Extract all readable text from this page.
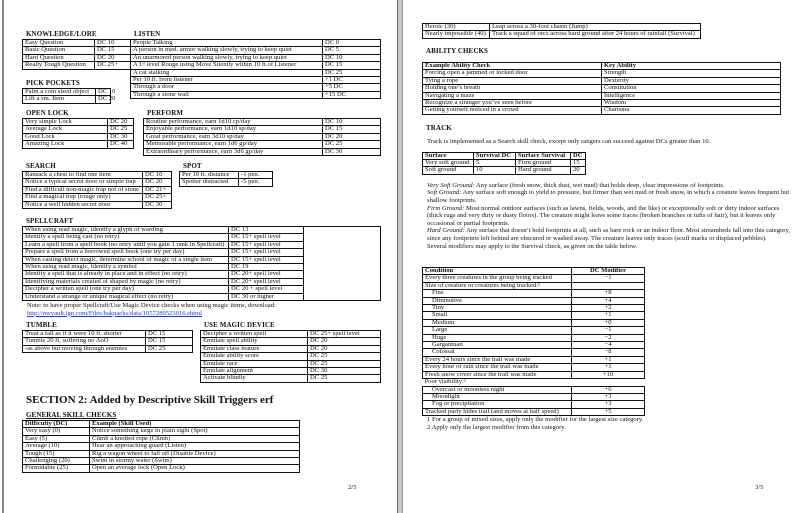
KNOWLEDGE/LORE
Easy Question	DC 10
Basic Question	DC 15
Hard Question	DC 20
Really Tough Question	DC 25+
LISTEN
People Talking	DC 0
A person in med. armor walking slowly, trying to keep quiet	DC 5
An unarmored person walking slowly, trying to keep quiet	DC 10
A 1ˢᵗ level Rouge using Move Silently within 10 ft.of Listener	DC 15
A cat stalking	DC 25
Per 10 ft. from listener	+1 DC
Through a door	+5 DC
Through a stone wall	+15 DC
PICK POCKETS
Palm a coin sized object	DC 10
Lift a sm. Item	DC 20
OPEN LOCK
Very simple Lock	DC 20
Average Lock	DC 25
Good Lock	DC 30
Amazing Lock	DC 40
PERFORM
Routine performance, earn 1d10 cp/day	DC 10
Enjoyable performance, earn 1d10 sp/day	DC 15
Great performance, earn 3d10 sp/day	DC 20
Memorable performance, earn 1d6 gp/day	DC 25
Extraordinary performance, earn 3d6 gp/day	DC 30
SEARCH
Ransack a chest to find one item	DC 10
Notice a typical secret door or simple trap	DC 20
Find a difficult non-magic trap not of stone	DC 21+
Find a magical trap (rouge only)	DC 25+
Notice a well hidden secret door	DC 30
SPOT
Per 10 ft. distance	-1 pen.
Spotter distracted	-5 pen.
SPELLCRAFT
When using read magic, identify a glyph of warding	DC 13	
Identify a spell being cast (no retry)	DC 15+ spell level	
Learn a spell from a spell book (no retry until you gain 1 rank in Spellcraft)	DC 15+ spell level	
Prepare a spell from a borrowed spell book (one try per day)	DC 15+ spell level	
When casting detect magic, determine school of magic of a single item	DC 15+ spell level	
When using read magic, identify a symbol	DC 19	
Identify a spell that is already in place and in effect (no retry)	DC 20+ spell level	
Identifying materials created of shaped by magic (no retry)	DC 20+ spell level	
Decipher a written spell (one try per day)	DC 20 + spell level	
Understand a strange or unique magical effect (no retry)	DC 30 or higher	
Note: to have proper Spellcraft/Use Magic Device checks when using magic items, download:
http://nwvault.ign.com/Files/hakpacks/data/1057289523016.shtml
TUMBLE
Treat a fall as if it were 10 ft. shorter	DC 15
Tumble 20 ft, suffering no AoO	DC 15
-as above but moving through enemies	DC 25
USE MAGIC DEVICE
Decipher a written spell	DC 25+ spell level
Emulate spell ability	DC 20
Emulate class feature	DC 20
Emulate ability score	DC 25
Emulate race	DC 25
Emulate alignment	DC 30
Activate blindly	DC 25
SECTION 2: Added by Descriptive Skill Triggers erf
GENERAL SKILL CHECKS
Difficulty (DC)	Example (Skill Used)
Very easy (0)	Notice something large in plain sight (Spot)
Easy (5)	Climb a knotted rope (Climb)
Average (10)	Hear an approaching guard (Listen)
Tough (15)	Rig a wagon wheel to fall off (Disable Device)
Challenging (20)	Swim in stormy water (Swim)
Formidable (25)	Open an average lock (Open Lock)
2/5
Heroic (30)	Leap across a 30-foot chasm (Jump)
Nearly impossible (40)	Track a squad of orcs across hard ground after 24 hours of rainfall (Survival)
ABILITY CHECKS
Example Ability Check	Key Ability
Forcing open a jammed or locked door	Strength
Tying a rope	Dexterity
Holding one’s breath	Constitution
Navigating a maze	Intelligence
Recognize a stranger you’ve seen before	Wisdom
Getting yourself noticed in a crowd	Charisma
TRACK
Track is implemented as a Search skill check, except only rangers can succeed against DCs greater than 10.
Surface	Survival DC	Surface Survival	DC
Very soft ground	5	Firm ground	15
Soft ground	10	Hard ground	20
Very Soft Ground: Any surface (fresh snow, thick dust, wet mud) that holds deep, clear impressions of footprints.
Soft Ground: Any surface soft enough to yield to pressure, but firmer than wet mud or fresh snow, in which a creature leaves frequent but shallow footprints.
Firm Ground: Most normal outdoor surfaces (such as lawns, fields, woods, and the like) or exceptionally soft or dirty indoor surfaces (thick rugs and very dirty or dusty floors). The creature might leave some traces (broken branches or tufts of hair), but it leaves only occasional or partial footprints.
Hard Ground: Any surface that doesn’t hold footprints at all, such as bare rock or an indoor floor. Most streambeds fall into this category, since any footprints left behind are obscured or washed away. The creature leaves only traces (scuff marks or displaced pebbles).
Several modifiers may apply to the Survival check, as given on the table below.
Condition	DC Modifier
Every three creatures in the group being tracked	−1
Size of creature or creatures being tracked:¹	
Fine	+8
Diminutive	+4
Tiny	+2
Small	+1
Medium	+0
Large	−1
Huge	−2
Gargantuan	−4
Colossal	−8
Every 24 hours since the trail was made	+1
Every hour of rain since the trail was made	+1
Fresh snow cover since the trail was made	+10
Poor visibility:²	
Overcast or moonless night	+6
Moonlight	+3
Fog or precipitation	+3
Tracked party hides trail (and moves at half speed)	+5
1 For a group of mixed sizes, apply only the modifier for the largest size category.
2 Apply only the largest modifier from this category.
3/5
